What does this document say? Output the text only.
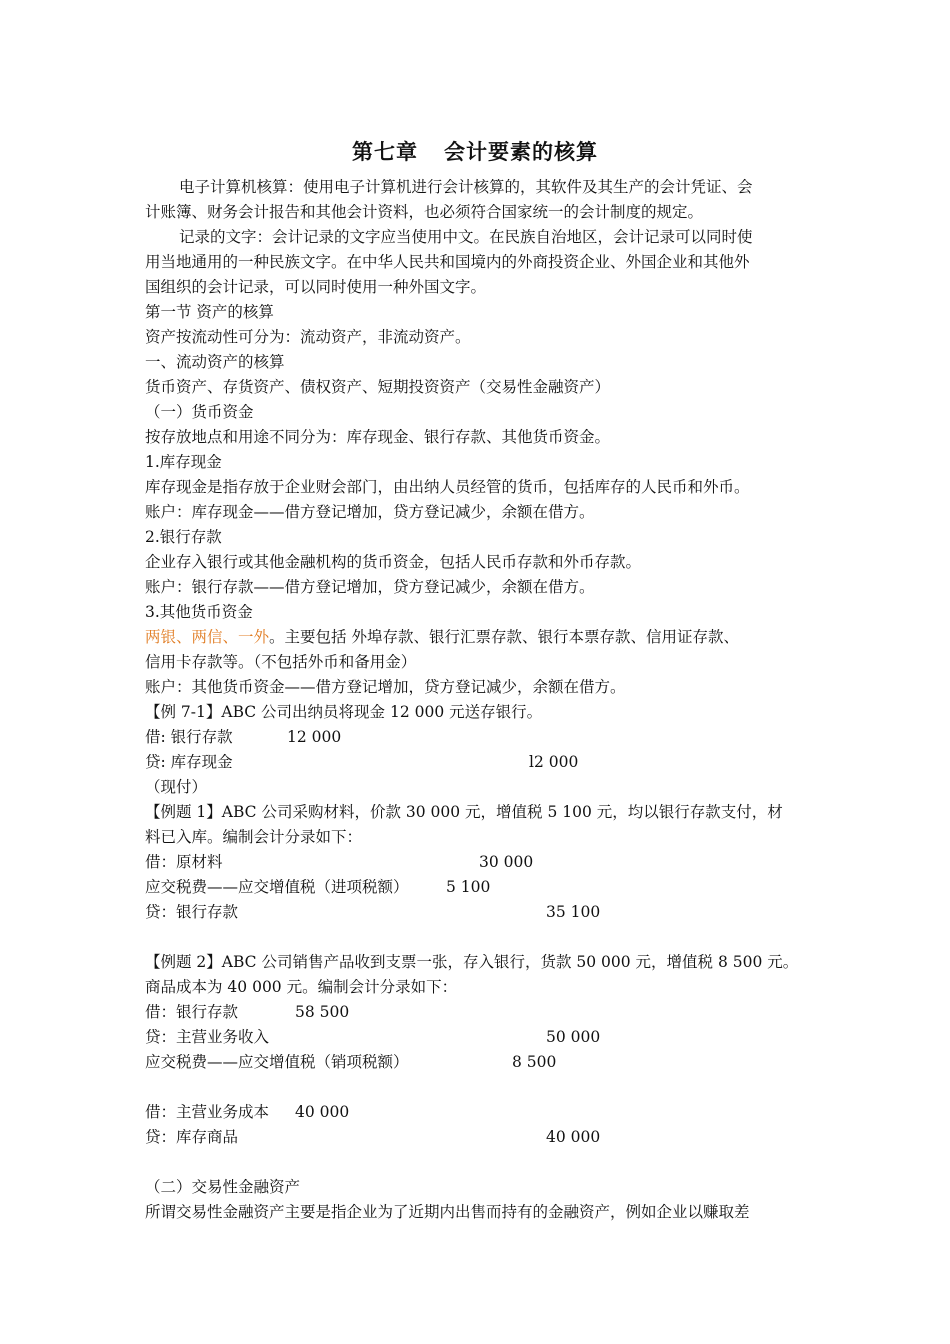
第七章 会计要素的核算
电子计算机核算：使用电子计算机进行会计核算的，其软件及其生产的会计凭证、会
计账簿、财务会计报告和其他会计资料，也必须符合国家统一的会计制度的规定。
记录的文字：会计记录的文字应当使用中文。在民族自治地区，会计记录可以同时使
用当地通用的一种民族文字。在中华人民共和国境内的外商投资企业、外国企业和其他外
国组织的会计记录，可以同时使用一种外国文字。
第一节 资产的核算
资产按流动性可分为：流动资产，非流动资产。
一、流动资产的核算
货币资产、存货资产、债权资产、短期投资资产（交易性金融资产）
（一）货币资金
按存放地点和用途不同分为：库存现金、银行存款、其他货币资金。
1.库存现金
库存现金是指存放于企业财会部门，由出纳人员经管的货币，包括库存的人民币和外币。
账户：库存现金——借方登记增加，贷方登记减少，余额在借方。
2.银行存款
企业存入银行或其他金融机构的货币资金，包括人民币存款和外币存款。
账户：银行存款——借方登记增加，贷方登记减少，余额在借方。
3.其他货币资金
两银、两信、一外。主要包括 外埠存款、银行汇票存款、银行本票存款、信用证存款、
信用卡存款等。（不包括外币和备用金）
账户：其他货币资金——借方登记增加，贷方登记减少，余额在借方。
【例 7-1】ABC 公司出纳员将现金 12 000 元送存银行。
借: 银行存款	12 000
贷: 库存现金	l2 000
（现付）
【例题 1】ABC 公司采购材料，价款 30 000 元，增值税 5 100 元，均以银行存款支付，材
料已入库。编制会计分录如下：
借：原材料	30 000
应交税费——应交增值税（进项税额） 5 100
贷：银行存款	35 100
【例题 2】ABC 公司销售产品收到支票一张，存入银行，货款 50 000 元，增值税 8 500 元。
商品成本为 40 000 元。编制会计分录如下：
借：银行存款	58 500
贷：主营业务收入	50 000
应交税费——应交增值税（销项税额）	8 500
借：主营业务成本 40 000
贷：库存商品	40 000
（二）交易性金融资产
所谓交易性金融资产主要是指企业为了近期内出售而持有的金融资产，例如企业以赚取差
